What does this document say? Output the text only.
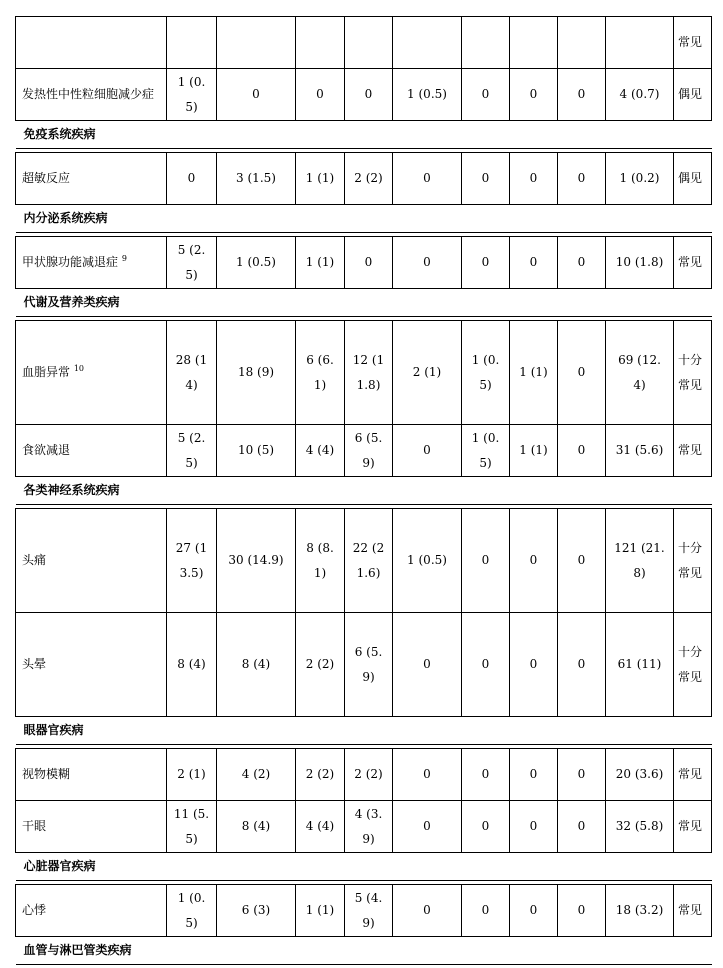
										常见
发热性中性粒细胞减少症	1 (0.5)	0	0	0	1 (0.5)	0	0	0	4 (0.7)	偶见
免疫系统疾病										

超敏反应	0	3 (1.5)	1 (1)	2 (2)	0	0	0	0	1 (0.2)	偶见
内分泌系统疾病										

甲状腺功能减退症 $^9$	5 (2.5)	1 (0.5)	1 (1)	0	0	0	0	0	10 (1.8)	常见
代谢及营养类疾病										

血脂异常 $^{10}$	28 (14)	18 (9)	6 (6.1)	12 (11.8)	2 (1)	1 (0.5)	1 (1)	0	69 (12.4)	十分常见
食欲减退	5 (2.5)	10 (5)	4 (4)	6 (5.9)	0	1 (0.5)	1 (1)	0	31 (5.6)	常见
各类神经系统疾病										

头痛	27 (13.5)	30 (14.9)	8 (8.1)	22 (21.6)	1 (0.5)	0	0	0	121 (21.8)	十分常见
头晕	8 (4)	8 (4)	2 (2)	6 (5.9)	0	0	0	0	61 (11)	十分常见
眼器官疾病										

视物模糊	2 (1)	4 (2)	2 (2)	2 (2)	0	0	0	0	20 (3.6)	常见
干眼	11 (5.5)	8 (4)	4 (4)	4 (3.9)	0	0	0	0	32 (5.8)	常见
心脏器官疾病										

心悸	1 (0.5)	6 (3)	1 (1)	5 (4.9)	0	0	0	0	18 (3.2)	常见
血管与淋巴管类疾病										
